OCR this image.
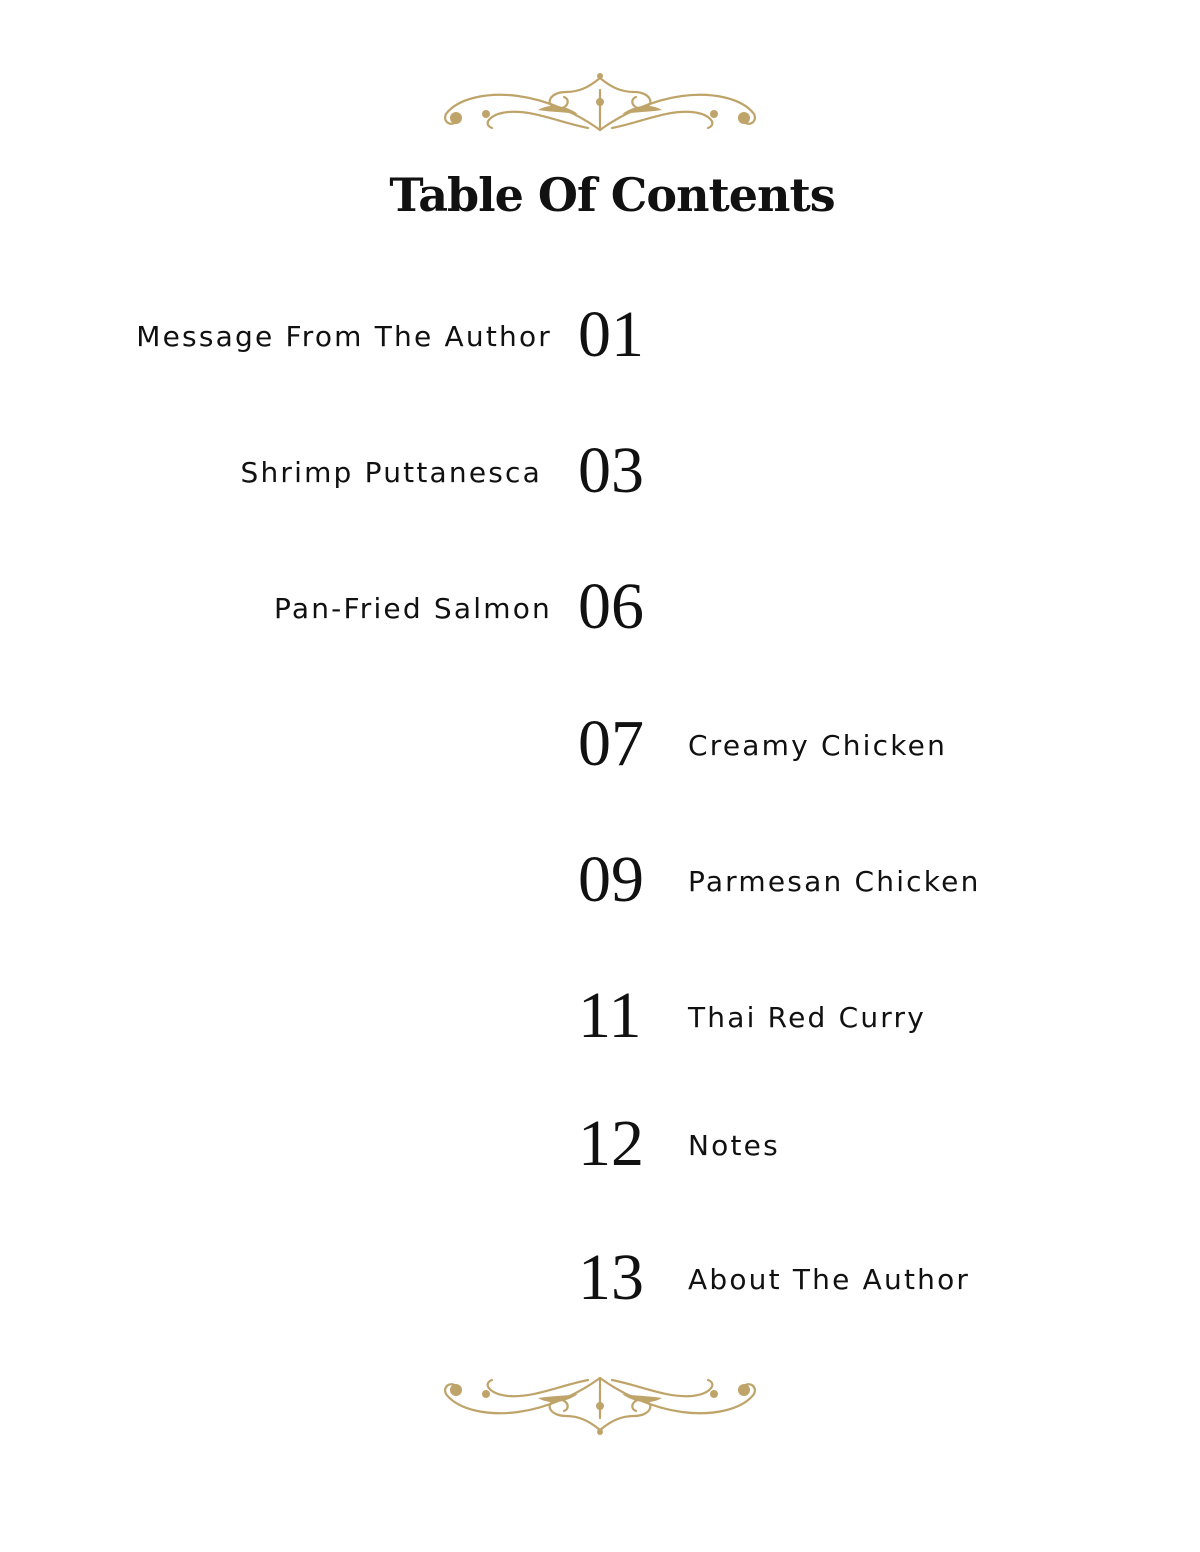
Table Of Contents
Message From The Author 01
Shrimp Puttanesca 03
Pan-Fried Salmon 06
07	Creamy Chicken
09	Parmesan Chicken
11	Thai Red Curry
12	Notes
13	About The Author
